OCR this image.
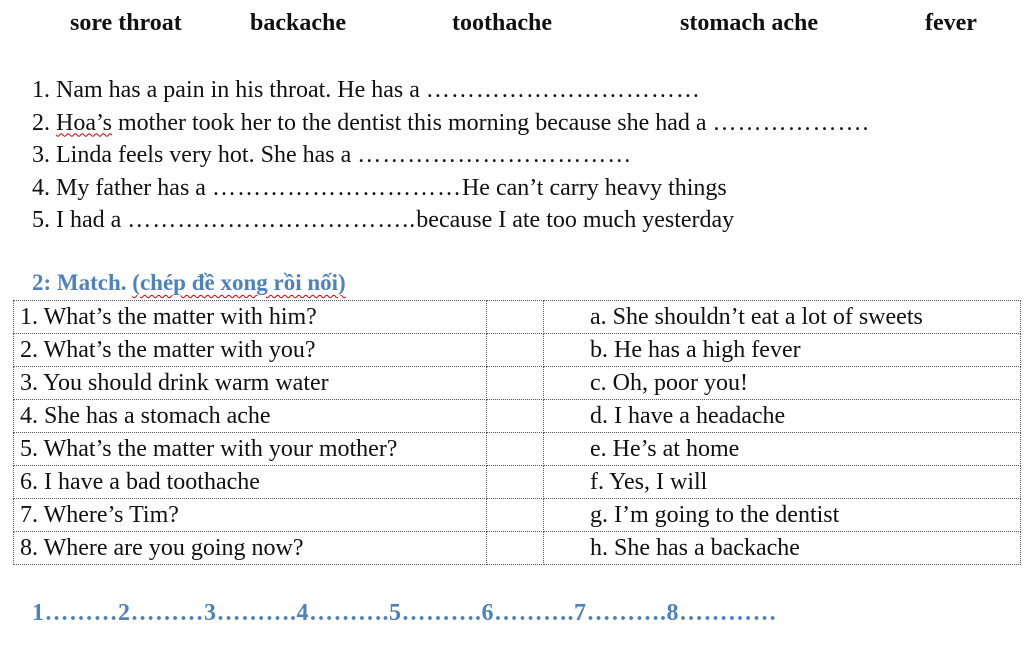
sore throat	backache	toothache	stomach ache	fever
1. Nam has a pain in his throat. He has a ……………………………
2. Hoa’s mother took her to the dentist this morning because she had a ……………….
3. Linda feels very hot. She has a ……………………………
4. My father has a …………………………He can’t carry heavy things
5. I had a ……………………………..because I ate too much yesterday
2: Match. (chép đề xong rồi nối)
1. What’s the matter with him?		a. She shouldn’t eat a lot of sweets
2. What’s the matter with you?		b. He has a high fever
3. You should drink warm water		c. Oh, poor you!
4. She has a stomach ache		d. I have a headache
5. What’s the matter with your mother?		e. He’s at home
6. I have a bad toothache		f. Yes, I will
7. Where’s Tim?		g. I’m going to the dentist
8. Where are you going now?		h. She has a backache
1………2………3……….4……….5……….6……….7……….8…………
